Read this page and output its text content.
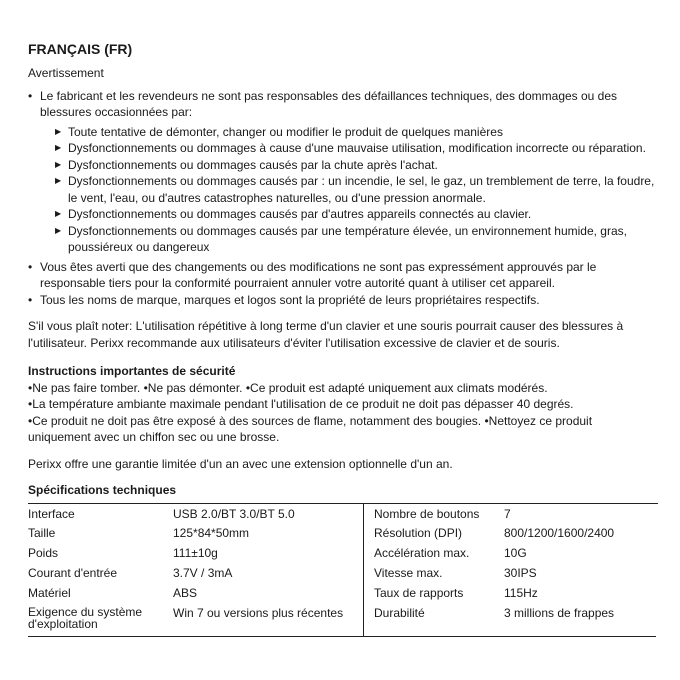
FRANÇAIS (FR)
Avertissement
• Le fabricant et les revendeurs ne sont pas responsables des défaillances techniques, des dommages ou des blessures occasionnées par:
▶ Toute tentative de démonter, changer ou modifier le produit de quelques manières
▶ Dysfonctionnements ou dommages à cause d'une mauvaise utilisation, modification incorrecte ou réparation.
▶ Dysfonctionnements ou dommages causés par la chute après l'achat.
▶ Dysfonctionnements ou dommages causés par : un incendie, le sel, le gaz, un tremblement de terre, la foudre, le vent, l'eau, ou d'autres catastrophes naturelles, ou d'une pression anormale.
▶ Dysfonctionnements ou dommages causés par d'autres appareils connectés au clavier.
▶ Dysfonctionnements ou dommages causés par une température élevée, un environnement humide, gras, poussiéreux ou dangereux
• Vous êtes averti que des changements ou des modifications ne sont pas expressément approuvés par le responsable tiers pour la conformité pourraient annuler votre autorité quant à utiliser cet appareil.
• Tous les noms de marque, marques et logos sont la propriété de leurs propriétaires respectifs.
S'il vous plaît noter: L'utilisation répétitive à long terme d'un clavier et une souris pourrait causer des blessures à l'utilisateur. Perixx recommande aux utilisateurs d'éviter l'utilisation excessive de clavier et de souris.
Instructions importantes de sécurité
•Ne pas faire tomber. •Ne pas démonter. •Ce produit est adapté uniquement aux climats modérés.
•La température ambiante maximale pendant l'utilisation de ce produit ne doit pas dépasser 40 degrés.
•Ce produit ne doit pas être exposé à des sources de flame, notamment des bougies. •Nettoyez ce produit uniquement avec un chiffon sec ou une brosse.
Perixx offre une garantie limitée d'un an avec une extension optionnelle d'un an.
Spécifications techniques
Interface	USB 2.0/BT 3.0/BT 5.0	Nombre de boutons	7
Taille	125*84*50mm	Résolution (DPI)	800/1200/1600/2400
Poids	111±10g	Accélération max.	10G
Courant d'entrée	3.7V / 3mA	Vitesse max.	30IPS
Matériel	ABS	Taux de rapports	115Hz
Exigence du système d'exploitation	Win 7 ou versions plus récentes	Durabilité	3 millions de frappes
